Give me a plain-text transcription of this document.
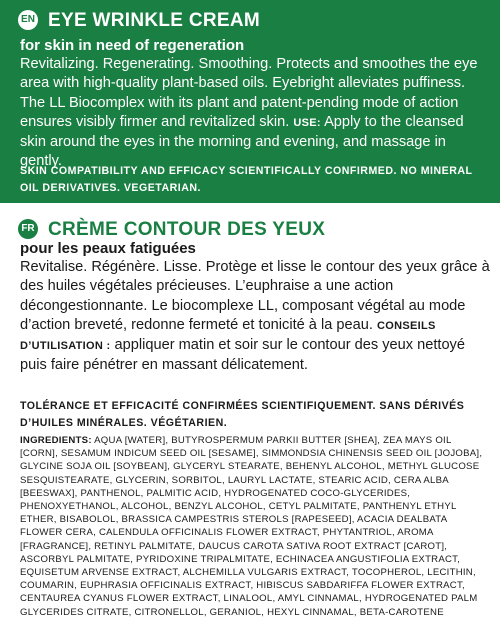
EN EYE WRINKLE CREAM
for skin in need of regeneration

Revitalizing. Regenerating. Smoothing. Protects and smoothes the eye area with high-quality plant-based oils. Eyebright alleviates puffiness. The LL Biocomplex with its plant and patent-pending mode of action ensures visibly firmer and revitalized skin. USE: Apply to the cleansed skin around the eyes in the morning and evening, and massage in gently.

SKIN COMPATIBILITY AND EFFICACY SCIENTIFICALLY CONFIRMED. NO MINERAL OIL DERIVATIVES. VEGETARIAN.

FR CRÈME CONTOUR DES YEUX
pour les peaux fatiguées

Revitalise. Régénère. Lisse. Protège et lisse le contour des yeux grâce à des huiles végétales précieuses. L’euphraise a une action décongestionnante. Le biocomplexe LL, composant végétal au mode d’action breveté, redonne fermeté et tonicité à la peau. CONSEILS D’UTILISATION : appliquer matin et soir sur le contour des yeux nettoyé puis faire pénétrer en massant délicatement.

TOLÉRANCE ET EFFICACITÉ CONFIRMÉES SCIENTIFIQUEMENT. SANS DÉRIVÉS D’HUILES MINÉRALES. VÉGÉTARIEN.

INGREDIENTS: AQUA [WATER], BUTYROSPERMUM PARKII BUTTER [SHEA], ZEA MAYS OIL [CORN], SESAMUM INDICUM SEED OIL [SESAME], SIMMONDSIA CHINENSIS SEED OIL [JOJOBA], GLYCINE SOJA OIL [SOYBEAN], GLYCERYL STEARATE, BEHENYL ALCOHOL, METHYL GLUCOSE SESQUISTEARATE, GLYCERIN, SORBITOL, LAURYL LACTATE, STEARIC ACID, CERA ALBA [BEESWAX], PANTHENOL, PALMITIC ACID, HYDROGENATED COCO-GLYCERIDES, PHENOXYETHANOL, ALCOHOL, BENZYL ALCOHOL, CETYL PALMITATE, PANTHENYL ETHYL ETHER, BISABOLOL, BRASSICA CAMPESTRIS STEROLS [RAPESEED], ACACIA DEALBATA FLOWER CERA, CALENDULA OFFICINALIS FLOWER EXTRACT, PHYTANTRIOL, AROMA [FRAGRANCE], RETINYL PALMITATE, DAUCUS CAROTA SATIVA ROOT EXTRACT [CAROT], ASCORBYL PALMITATE, PYRIDOXINE TRIPALMITATE, ECHINACEA ANGUSTIFOLIA EXTRACT, EQUISETUM ARVENSE EXTRACT, ALCHEMILLA VULGARIS EXTRACT, TOCOPHEROL, LECITHIN, COUMARIN, EUPHRASIA OFFICINALIS EXTRACT, HIBISCUS SABDARIFFA FLOWER EXTRACT, CENTAUREA CYANUS FLOWER EXTRACT, LINALOOL, AMYL CINNAMAL, HYDROGENATED PALM GLYCERIDES CITRATE, CITRONELLOL, GERANIOL, HEXYL CINNAMAL, BETA-CAROTENE
